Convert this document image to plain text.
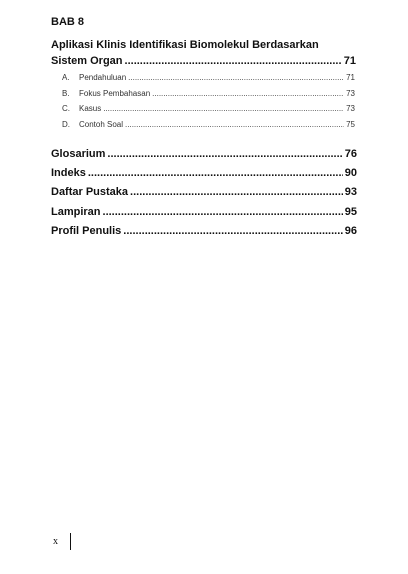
BAB 8
Aplikasi Klinis Identifikasi Biomolekul Berdasarkan
Sistem Organ .....	71
A. Pendahuluan .....	71
B. Fokus Pembahasan .....	73
C. Kasus .....	73
D. Contoh Soal .....	75
Glosarium .....	76
Indeks .....	90
Daftar Pustaka .....	93
Lampiran .....	95
Profil Penulis .....	96
x
